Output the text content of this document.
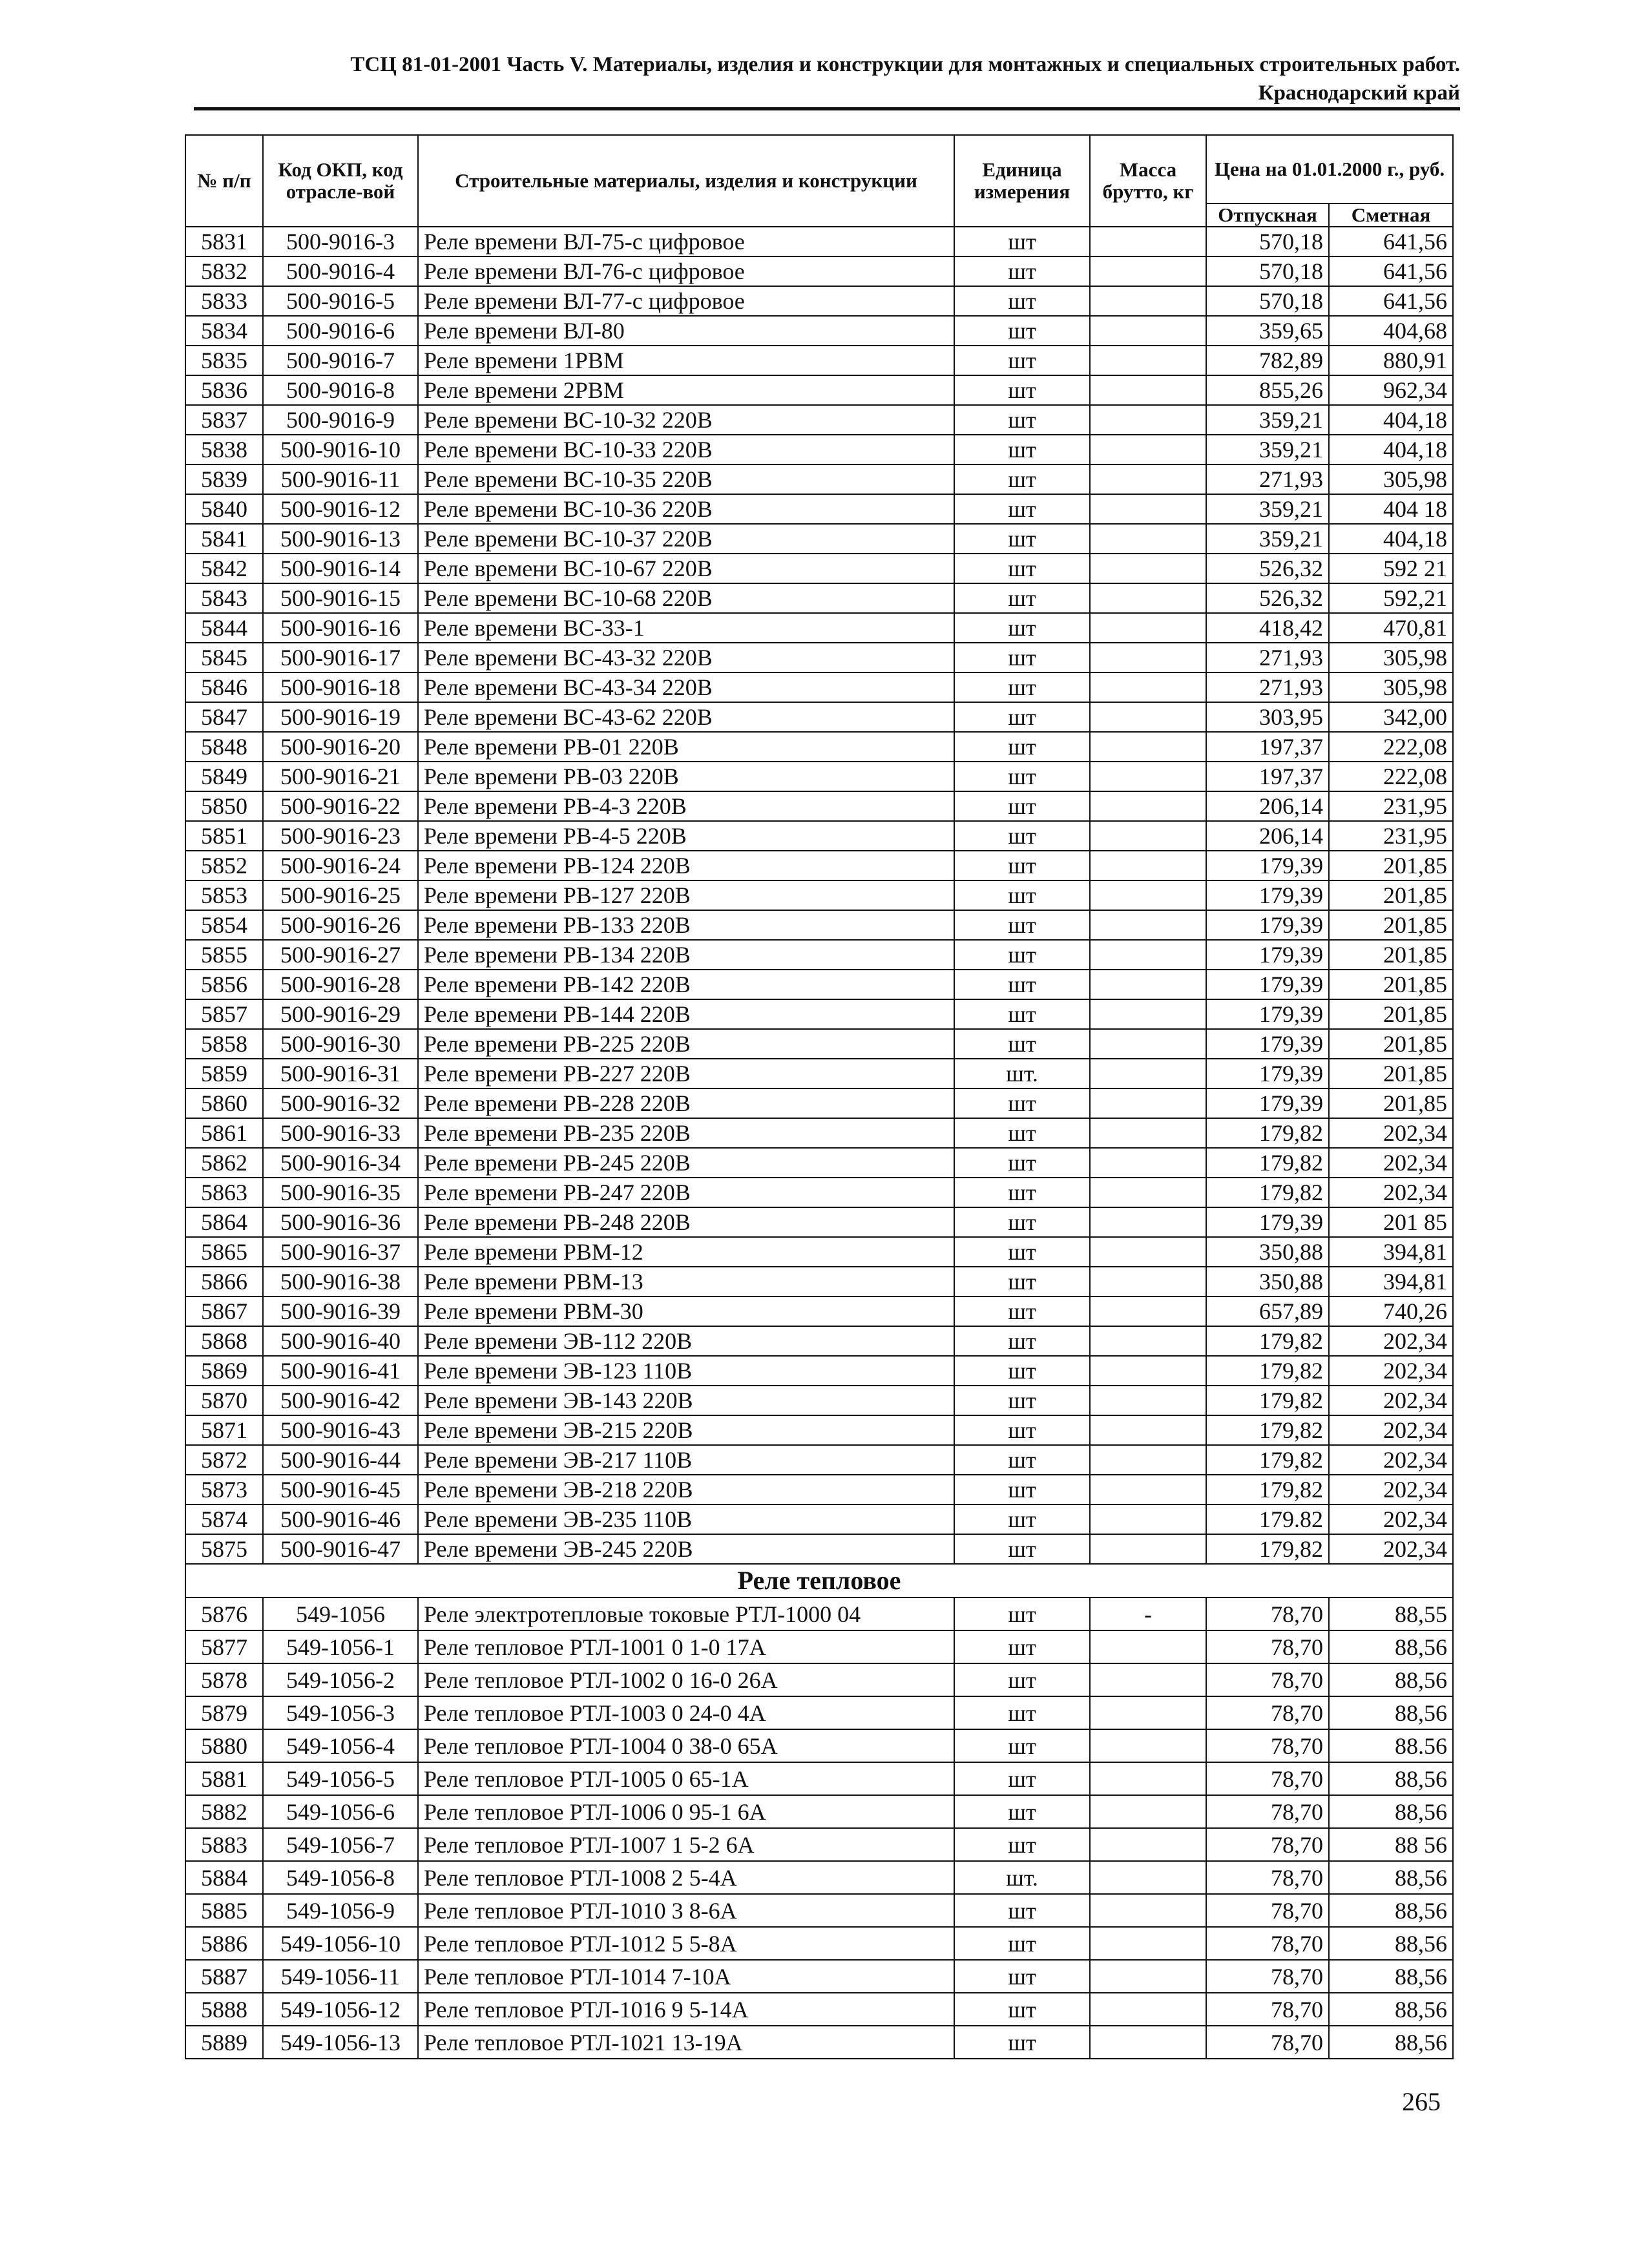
ТСЦ 81-01-2001 Часть V. Материалы, изделия и конструкции для монтажных и специальных строительных работ.
Краснодарский край
№ п/п	Код ОКП, код отрасле-вой	Строительные материалы, изделия и конструкции	Единица измерения	Масса брутто, кг	Цена на 01.01.2000 г., руб.	
					Отпускная	Сметная
5831	500-9016-3	Реле времени ВЛ-75-с цифровое	шт		570,18	641,56
5832	500-9016-4	Реле времени ВЛ-76-с цифровое	шт		570,18	641,56
5833	500-9016-5	Реле времени ВЛ-77-с цифровое	шт		570,18	641,56
5834	500-9016-6	Реле времени ВЛ-80	шт		359,65	404,68
5835	500-9016-7	Реле времени 1РВМ	шт		782,89	880,91
5836	500-9016-8	Реле времени 2РВМ	шт		855,26	962,34
5837	500-9016-9	Реле времени ВС-10-32 220В	шт		359,21	404,18
5838	500-9016-10	Реле времени ВС-10-33 220В	шт		359,21	404,18
5839	500-9016-11	Реле времени ВС-10-35 220В	шт		271,93	305,98
5840	500-9016-12	Реле времени ВС-10-36 220В	шт		359,21	404 18
5841	500-9016-13	Реле времени ВС-10-37 220В	шт		359,21	404,18
5842	500-9016-14	Реле времени ВС-10-67 220В	шт		526,32	592 21
5843	500-9016-15	Реле времени ВС-10-68 220В	шт		526,32	592,21
5844	500-9016-16	Реле времени ВС-33-1	шт		418,42	470,81
5845	500-9016-17	Реле времени ВС-43-32 220В	шт		271,93	305,98
5846	500-9016-18	Реле времени ВС-43-34 220В	шт		271,93	305,98
5847	500-9016-19	Реле времени ВС-43-62 220В	шт		303,95	342,00
5848	500-9016-20	Реле времени РВ-01 220В	шт		197,37	222,08
5849	500-9016-21	Реле времени РВ-03 220В	шт		197,37	222,08
5850	500-9016-22	Реле времени РВ-4-3 220В	шт		206,14	231,95
5851	500-9016-23	Реле времени РВ-4-5 220В	шт		206,14	231,95
5852	500-9016-24	Реле времени РВ-124 220В	шт		179,39	201,85
5853	500-9016-25	Реле времени РВ-127 220В	шт		179,39	201,85
5854	500-9016-26	Реле времени РВ-133 220В	шт		179,39	201,85
5855	500-9016-27	Реле времени РВ-134 220В	шт		179,39	201,85
5856	500-9016-28	Реле времени РВ-142 220В	шт		179,39	201,85
5857	500-9016-29	Реле времени РВ-144 220В	шт		179,39	201,85
5858	500-9016-30	Реле времени РВ-225 220В	шт		179,39	201,85
5859	500-9016-31	Реле времени РВ-227 220В	шт.		179,39	201,85
5860	500-9016-32	Реле времени РВ-228 220В	шт		179,39	201,85
5861	500-9016-33	Реле времени РВ-235 220В	шт		179,82	202,34
5862	500-9016-34	Реле времени РВ-245 220В	шт		179,82	202,34
5863	500-9016-35	Реле времени РВ-247 220В	шт		179,82	202,34
5864	500-9016-36	Реле времени РВ-248 220В	шт		179,39	201 85
5865	500-9016-37	Реле времени РВМ-12	шт		350,88	394,81
5866	500-9016-38	Реле времени РВМ-13	шт		350,88	394,81
5867	500-9016-39	Реле времени РВМ-30	шт		657,89	740,26
5868	500-9016-40	Реле времени ЭВ-112 220В	шт		179,82	202,34
5869	500-9016-41	Реле времени ЭВ-123 110В	шт		179,82	202,34
5870	500-9016-42	Реле времени ЭВ-143 220В	шт		179,82	202,34
5871	500-9016-43	Реле времени ЭВ-215 220В	шт		179,82	202,34
5872	500-9016-44	Реле времени ЭВ-217 110В	шт		179,82	202,34
5873	500-9016-45	Реле времени ЭВ-218 220В	шт		179,82	202,34
5874	500-9016-46	Реле времени ЭВ-235 110В	шт		179.82	202,34
5875	500-9016-47	Реле времени ЭВ-245 220В	шт		179,82	202,34
Реле тепловое						
5876	549-1056	Реле электротепловые токовые РТЛ-1000 04	шт	-	78,70	88,55
5877	549-1056-1	Реле тепловое РТЛ-1001 0 1-0 17А	шт		78,70	88,56
5878	549-1056-2	Реле тепловое РТЛ-1002 0 16-0 26А	шт		78,70	88,56
5879	549-1056-3	Реле тепловое РТЛ-1003 0 24-0 4А	шт		78,70	88,56
5880	549-1056-4	Реле тепловое РТЛ-1004 0 38-0 65А	шт		78,70	88.56
5881	549-1056-5	Реле тепловое РТЛ-1005 0 65-1А	шт		78,70	88,56
5882	549-1056-6	Реле тепловое РТЛ-1006 0 95-1 6А	шт		78,70	88,56
5883	549-1056-7	Реле тепловое РТЛ-1007 1 5-2 6А	шт		78,70	88 56
5884	549-1056-8	Реле тепловое РТЛ-1008 2 5-4А	шт.		78,70	88,56
5885	549-1056-9	Реле тепловое РТЛ-1010 3 8-6А	шт		78,70	88,56
5886	549-1056-10	Реле тепловое РТЛ-1012 5 5-8А	шт		78,70	88,56
5887	549-1056-11	Реле тепловое РТЛ-1014 7-10А	шт		78,70	88,56
5888	549-1056-12	Реле тепловое РТЛ-1016 9 5-14А	шт		78,70	88,56
5889	549-1056-13	Реле тепловое РТЛ-1021 13-19А	шт		78,70	88,56
265
